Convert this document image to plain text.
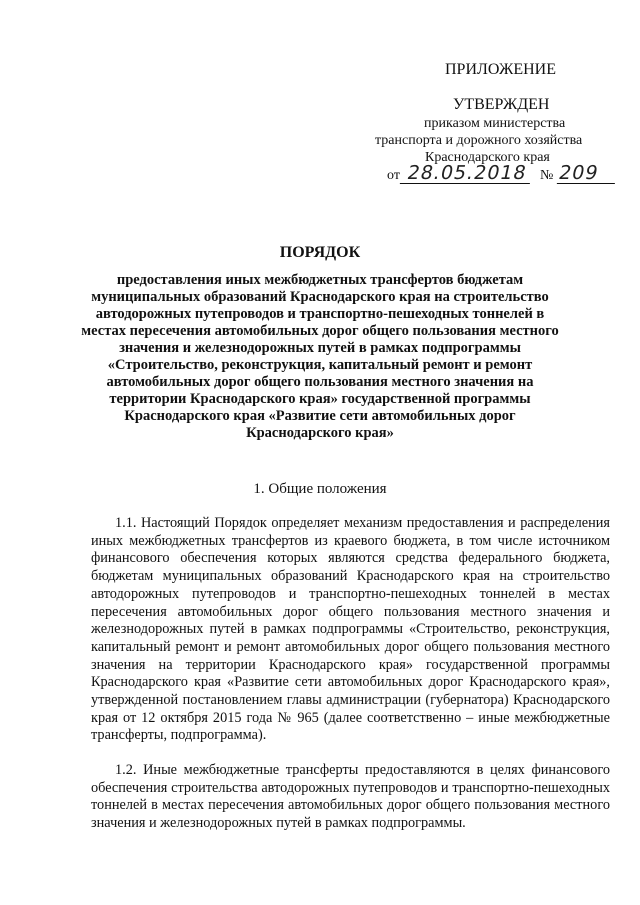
ПРИЛОЖЕНИЕ
УТВЕРЖДЕН
приказом министерства
транспорта и дорожного хозяйства
Краснодарского края
от 28.05.2018 № 209
ПОРЯДОК
предоставления иных межбюджетных трансфертов бюджетам муниципальных образований Краснодарского края на строительство автодорожных путепроводов и транспортно-пешеходных тоннелей в местах пересечения автомобильных дорог общего пользования местного значения и железнодорожных путей в рамках подпрограммы «Строительство, реконструкция, капитальный ремонт и ремонт автомобильных дорог общего пользования местного значения на территории Краснодарского края» государственной программы Краснодарского края «Развитие сети автомобильных дорог Краснодарского края»
1. Общие положения

1.1. Настоящий Порядок определяет механизм предоставления и распределения иных межбюджетных трансфертов из краевого бюджета, в том числе источником финансового обеспечения которых являются средства федерального бюджета, бюджетам муниципальных образований Краснодарского края на строительство автодорожных путепроводов и транспортно-пешеходных тоннелей в местах пересечения автомобильных дорог общего пользования местного значения и железнодорожных путей в рамках подпрограммы «Строительство, реконструкция, капитальный ремонт и ремонт автомобильных дорог общего пользования местного значения на территории Краснодарского края» государственной программы Краснодарского края «Развитие сети автомобильных дорог Краснодарского края», утвержденной постановлением главы администрации (губернатора) Краснодарского края от 12 октября 2015 года № 965 (далее соответственно – иные межбюджетные трансферты, подпрограмма).

1.2. Иные межбюджетные трансферты предоставляются в целях финансового обеспечения строительства автодорожных путепроводов и транспортно-пешеходных тоннелей в местах пересечения автомобильных дорог общего пользования местного значения и железнодорожных путей в рамках подпрограммы.
